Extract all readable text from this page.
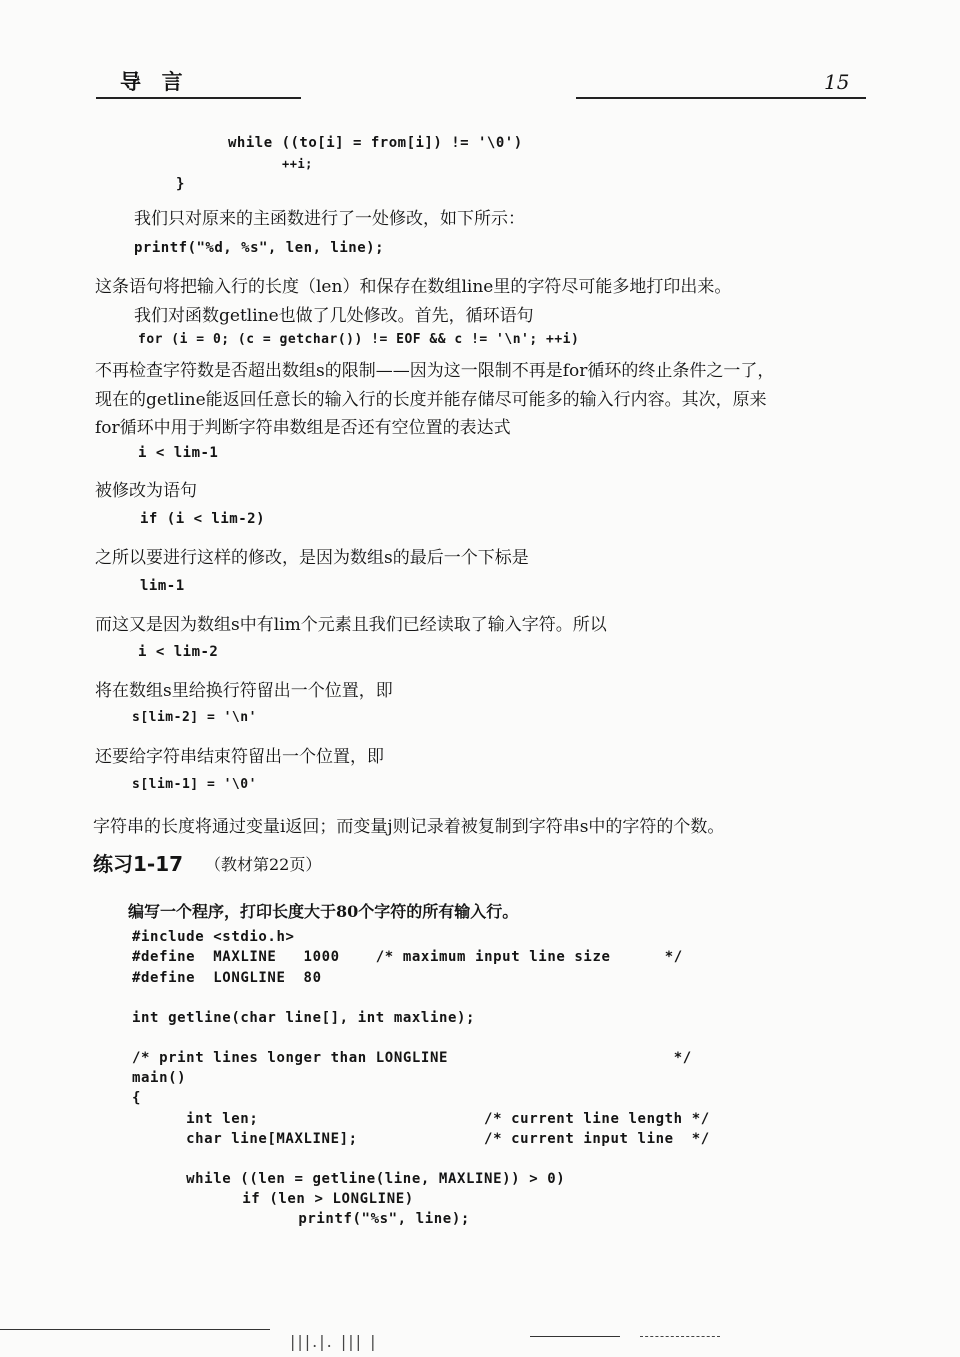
导  言	15
while ((to[i] = from[i]) != '\0')
++i;
}
我们只对原来的主函数进行了一处修改，如下所示：
printf("%d, %s", len, line);
这条语句将把输入行的长度（len）和保存在数组line里的字符尽可能多地打印出来。
我们对函数getline也做了几处修改。首先，循环语句
for (i = 0; (c = getchar()) != EOF && c != '\n'; ++i)
不再检查字符数是否超出数组s的限制——因为这一限制不再是for循环的终止条件之一了，
现在的getline能返回任意长的输入行的长度并能存储尽可能多的输入行内容。其次，原来
for循环中用于判断字符串数组是否还有空位置的表达式
i < lim-1
被修改为语句
if (i < lim-2)
之所以要进行这样的修改，是因为数组s的最后一个下标是
lim-1
而这又是因为数组s中有lim个元素且我们已经读取了输入字符。所以
i < lim-2
将在数组s里给换行符留出一个位置，即
s[lim-2] = '\n'
还要给字符串结束符留出一个位置，即
s[lim-1] = '\0'
字符串的长度将通过变量i返回；而变量j则记录着被复制到字符串s中的字符的个数。
练习1-17 （教材第22页）
编写一个程序，打印长度大于80个字符的所有输入行。
#include <stdio.h>
#define  MAXLINE   1000    /* maximum input line size      */
#define  LONGLINE  80
int getline(char line[], int maxline);
/* print lines longer than LONGLINE                         */
main()
{
int len;                         /* current line length */
char line[MAXLINE];              /* current input line  */
while ((len = getline(line, MAXLINE)) > 0)
if (len > LONGLINE)
printf("%s", line);
|||.|. ||| |
